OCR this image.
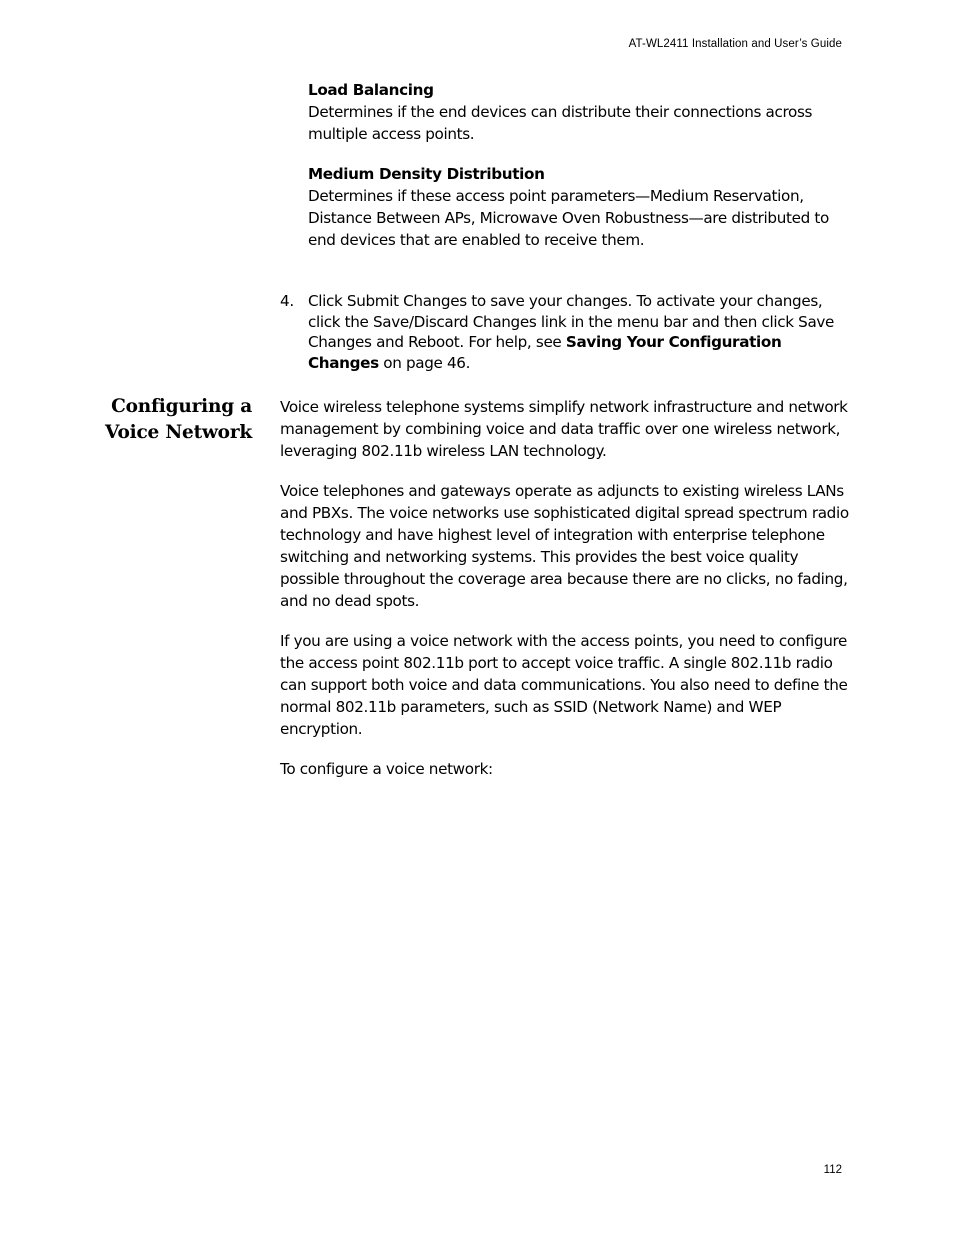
AT-WL2411 Installation and User’s Guide
Load Balancing
Determines if the end devices can distribute their connections across multiple access points.
Medium Density Distribution
Determines if these access point parameters—Medium Reservation, Distance Between APs, Microwave Oven Robustness—are distributed to end devices that are enabled to receive them.
4. Click Submit Changes to save your changes. To activate your changes, click the Save/Discard Changes link in the menu bar and then click Save Changes and Reboot. For help, see Saving Your Configuration Changes on page 46.
Configuring a
Voice Network

Voice wireless telephone systems simplify network infrastructure and network management by combining voice and data traffic over one wireless network, leveraging 802.11b wireless LAN technology.

Voice telephones and gateways operate as adjuncts to existing wireless LANs and PBXs. The voice networks use sophisticated digital spread spectrum radio technology and have highest level of integration with enterprise telephone switching and networking systems. This provides the best voice quality possible throughout the coverage area because there are no clicks, no fading, and no dead spots.

If you are using a voice network with the access points, you need to configure the access point 802.11b port to accept voice traffic. A single 802.11b radio can support both voice and data communications. You also need to define the normal 802.11b parameters, such as SSID (Network Name) and WEP encryption.

To configure a voice network:

112
